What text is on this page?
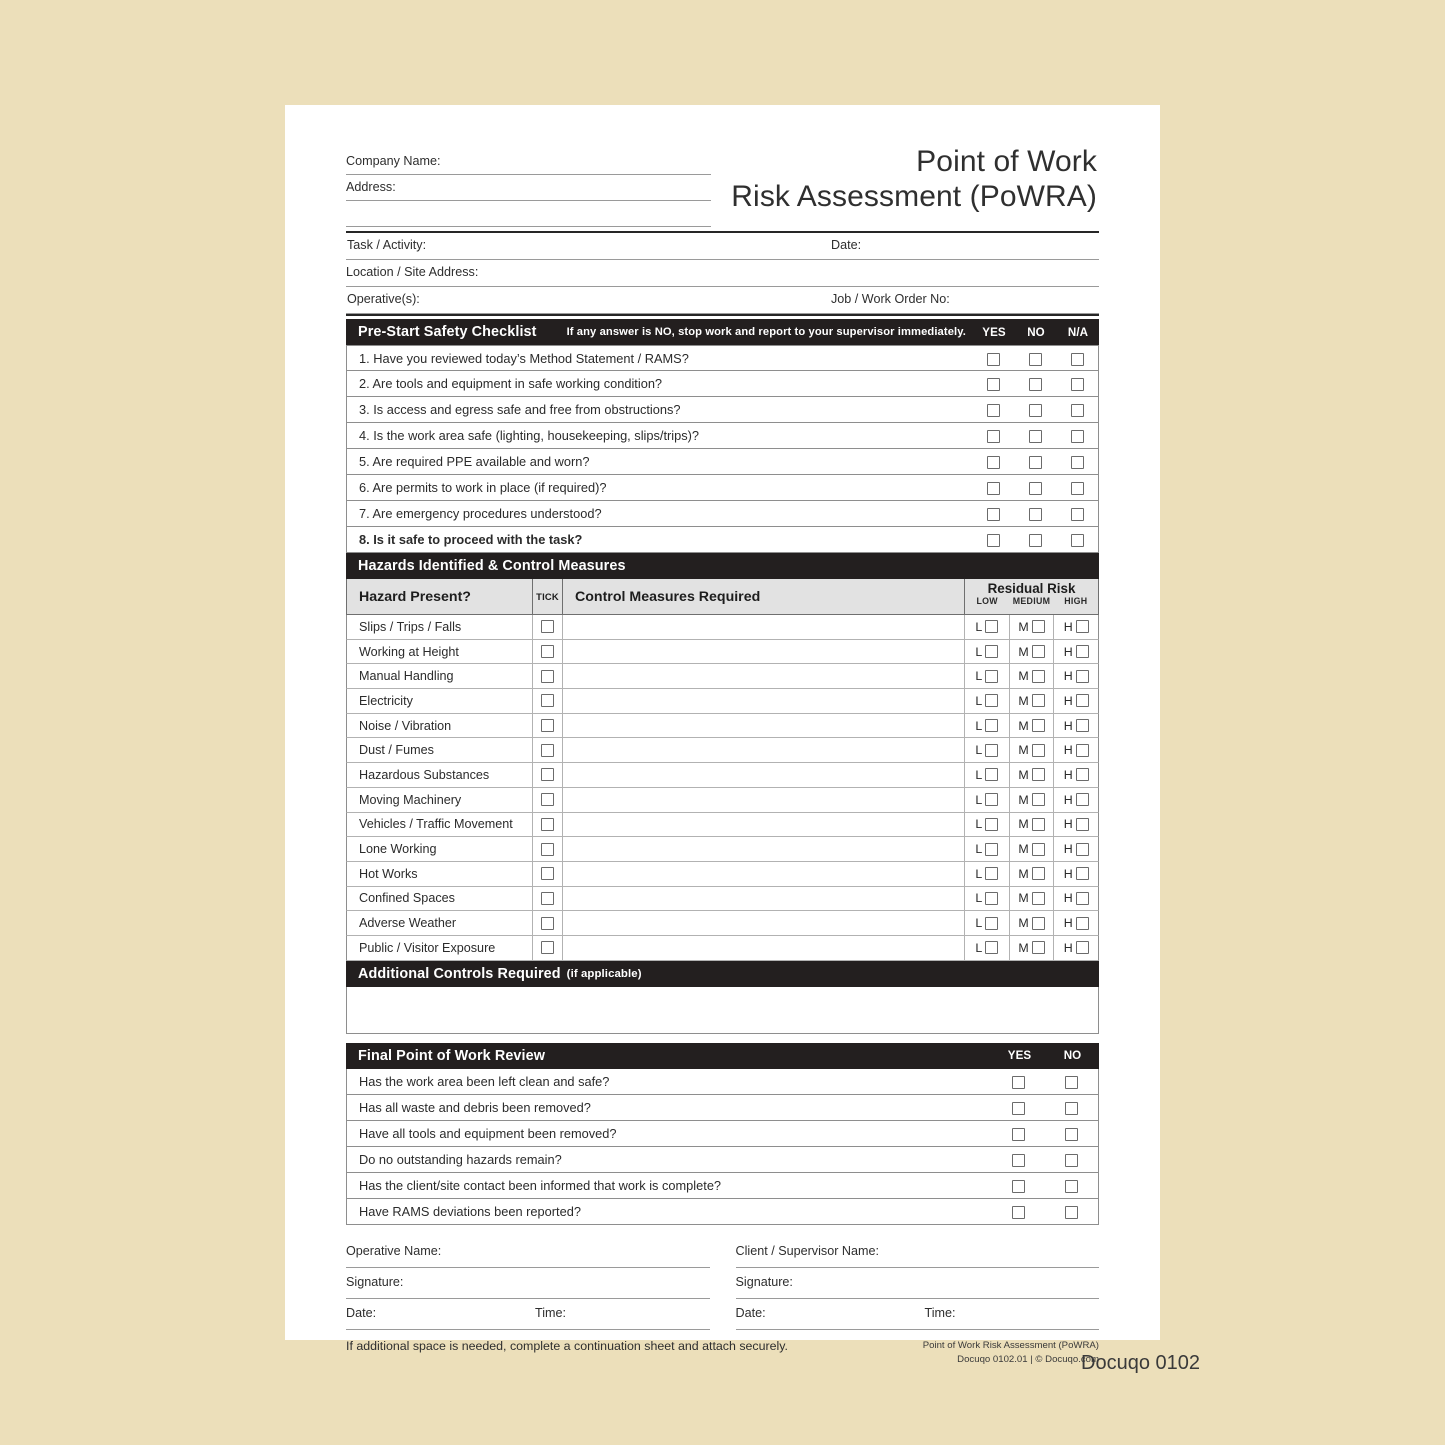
Company Name:
Address:
Point of Work
Risk Assessment (PoWRA)
Task / Activity:	Date:
Location / Site Address:
Operative(s):	Job / Work Order No:
Pre-Start Safety Checklist	If any answer is NO, stop work and report to your supervisor immediately.	YES	NO	N/A
1. Have you reviewed today’s Method Statement / RAMS?
2. Are tools and equipment in safe working condition?
3. Is access and egress safe and free from obstructions?
4. Is the work area safe (lighting, housekeeping, slips/trips)?
5. Are required PPE available and worn?
6. Are permits to work in place (if required)?
7. Are emergency procedures understood?
8. Is it safe to proceed with the task?
Hazards Identified & Control Measures
Hazard Present?	TICK	Control Measures Required	Residual Risk
LOW	MEDIUM	HIGH
Slips / Trips / Falls	L	M	H
Working at Height	L	M	H
Manual Handling	L	M	H
Electricity	L	M	H
Noise / Vibration	L	M	H
Dust / Fumes	L	M	H
Hazardous Substances	L	M	H
Moving Machinery	L	M	H
Vehicles / Traffic Movement	L	M	H
Lone Working	L	M	H
Hot Works	L	M	H
Confined Spaces	L	M	H
Adverse Weather	L	M	H
Public / Visitor Exposure	L	M	H
Additional Controls Required (if applicable)
Final Point of Work Review	YES	NO
Has the work area been left clean and safe?
Has all waste and debris been removed?
Have all tools and equipment been removed?
Do no outstanding hazards remain?
Has the client/site contact been informed that work is complete?
Have RAMS deviations been reported?
Operative Name:
Signature:
Date:	Time:
Client / Supervisor Name:
Signature:
Date:	Time:
If additional space is needed, complete a continuation sheet and attach securely.	Point of Work Risk Assessment (PoWRA)
Docuqo 0102.01 | © Docuqo.com
Docuqo 0102
